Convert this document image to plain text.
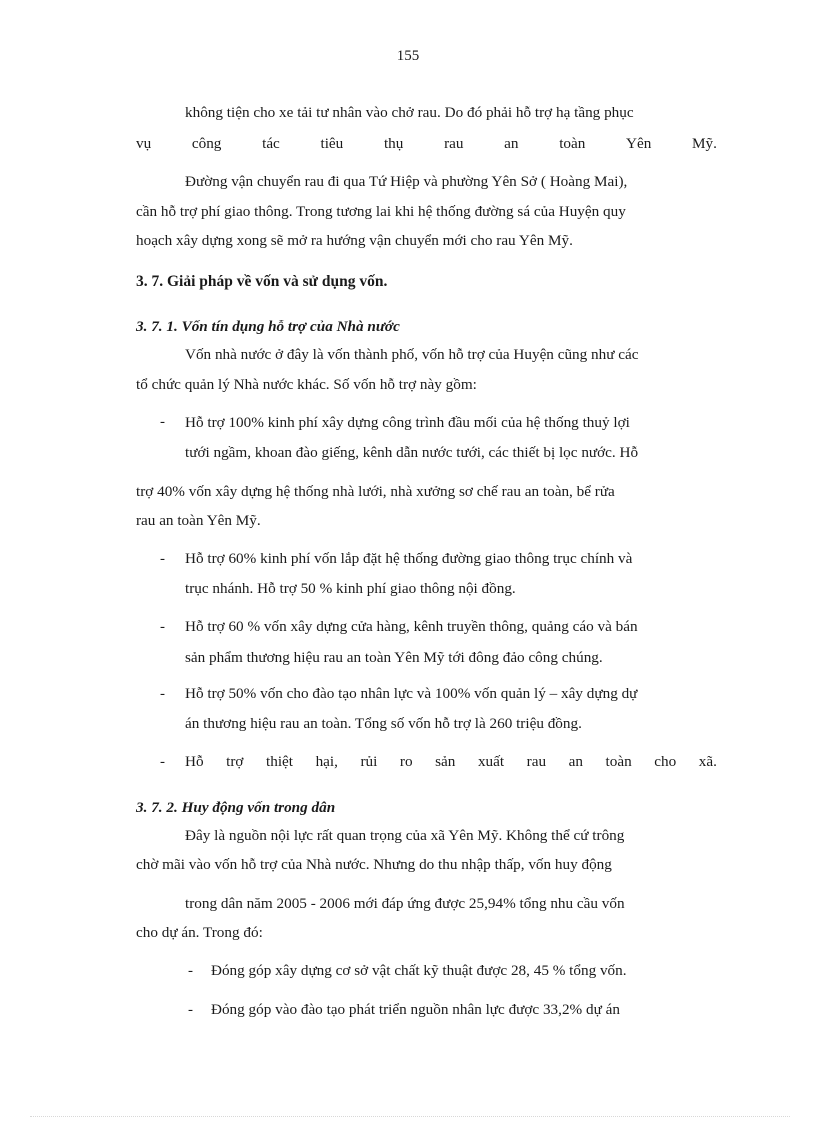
155
không tiện cho xe tải tư nhân vào chở rau. Do đó phải hỗ trợ hạ tầng phục
vụ	công	tác	tiêu	thụ	rau	an	toàn	Yên	Mỹ.
Đường vận chuyển rau đi qua Tứ Hiệp và phường Yên Sở ( Hoàng Mai),
cần hỗ trợ phí giao thông. Trong tương lai khi hệ thống đường sá của Huyện quy
hoạch xây dựng xong sẽ mở ra hướng vận chuyển mới cho rau Yên Mỹ.
3. 7. Giải pháp về vốn và sử dụng vốn.
3. 7. 1. Vốn tín dụng hỗ trợ của Nhà nước
Vốn nhà nước ở đây là vốn thành phố, vốn hỗ trợ của Huyện cũng như các
tổ chức quản lý Nhà nước khác. Số vốn hỗ trợ này gồm:
- Hỗ trợ 100% kinh phí xây dựng công trình đầu mối của hệ thống thuỷ lợi
tưới ngầm, khoan đào giếng, kênh dẫn nước tưới, các thiết bị lọc nước. Hỗ
trợ 40% vốn xây dựng hệ thống nhà lưới, nhà xưởng sơ chế rau an toàn, bể rửa
rau an toàn Yên Mỹ.
- Hỗ trợ 60% kinh phí vốn lắp đặt hệ thống đường giao thông trục chính và
trục nhánh. Hỗ trợ 50 % kinh phí giao thông nội đồng.
- Hỗ trợ 60 % vốn xây dựng cửa hàng, kênh truyền thông, quảng cáo và bán
sản phẩm thương hiệu rau an toàn Yên Mỹ tới đông đảo công chúng.
- Hỗ trợ 50% vốn cho đào tạo nhân lực và 100% vốn quản lý – xây dựng dự
án thương hiệu rau an toàn. Tổng số vốn hỗ trợ là 260 triệu đồng.
- Hỗ trợ thiệt hại, rủi ro sản xuất rau an toàn cho xã.
3. 7. 2. Huy động vốn trong dân
Đây là nguồn nội lực rất quan trọng của xã Yên Mỹ. Không thể cứ trông
chờ mãi vào vốn hỗ trợ của Nhà nước. Nhưng do thu nhập thấp, vốn huy động
trong dân năm 2005 - 2006 mới đáp ứng được 25,94% tổng nhu cầu vốn
cho dự án. Trong đó:
- Đóng góp xây dựng cơ sở vật chất kỹ thuật được 28, 45 % tổng vốn.
- Đóng góp vào đào tạo phát triển nguồn nhân lực được 33,2% dự án
